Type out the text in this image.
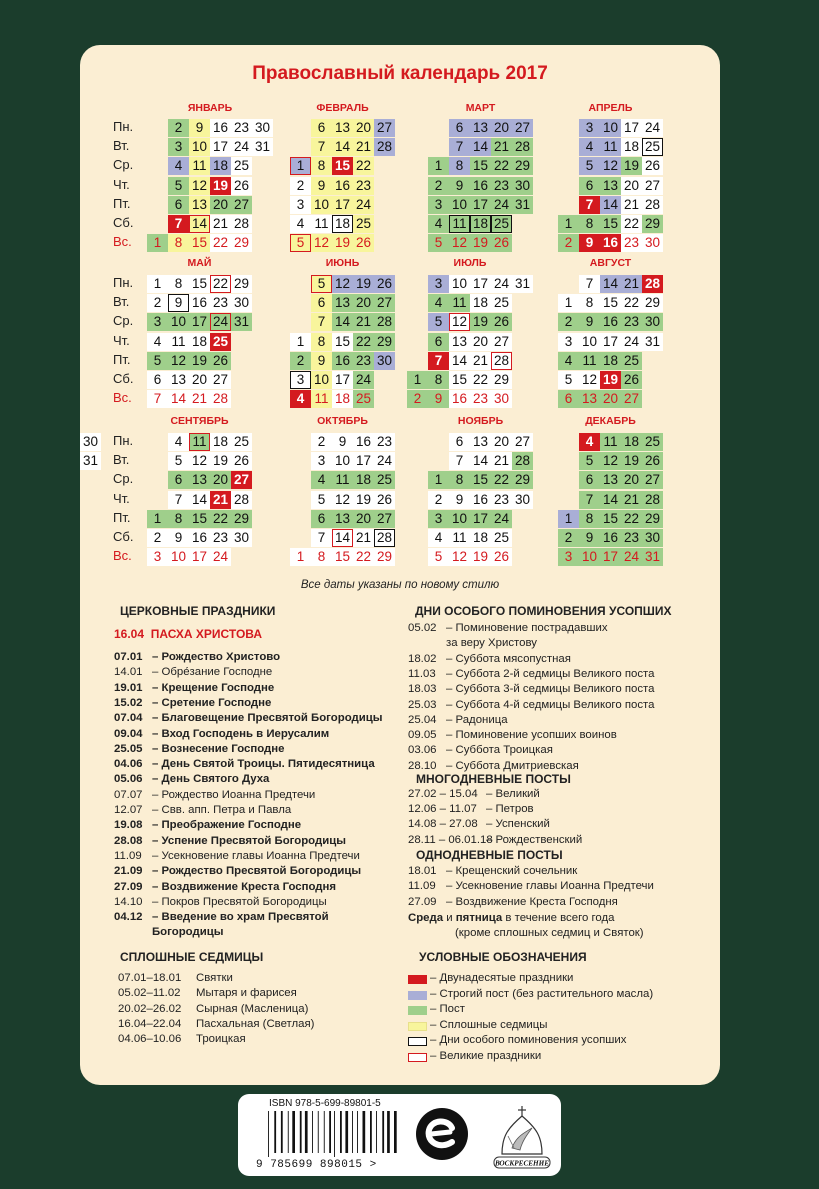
Православный календарь 2017
Пн.
Вт.
Ср.
Чт.
Пт.
Сб.
Вс.
Пн.
Вт.
Ср.
Чт.
Пт.
Сб.
Вс.
Пн.
Вт.
Ср.
Чт.
Пт.
Сб.
Вс.
ЯНВАРЬ
1
2
3
4
5
6
7
8
9
10
11
12
13
14
15
16
17
18
19
20
21
22
23
24
25
26
27
28
29
30
31
ФЕВРАЛЬ
1
2
3
4
5
6
7
8
9
10
11
12
13
14
15
16
17
18
19
20
21
22
23
24
25
26
27
28
МАРТ
1
2
3
4
5
6
7
8
9
10
11
12
13
14
15
16
17
18
19
20
21
22
23
24
25
26
27
28
29
30
31
АПРЕЛЬ
1
2
3
4
5
6
7
8
9
10
11
12
13
14
15
16
17
18
19
20
21
22
23
24
25
26
27
28
29
30
МАЙ
1
2
3
4
5
6
7
8
9
10
11
12
13
14
15
16
17
18
19
20
21
22
23
24
25
26
27
28
29
30
31
ИЮНЬ
1
2
3
4
5
6
7
8
9
10
11
12
13
14
15
16
17
18
19
20
21
22
23
24
25
26
27
28
29
30
ИЮЛЬ
1
2
3
4
5
6
7
8
9
10
11
12
13
14
15
16
17
18
19
20
21
22
23
24
25
26
27
28
29
30
31
АВГУСТ
1
2
3
4
5
6
7
8
9
10
11
12
13
14
15
16
17
18
19
20
21
22
23
24
25
26
27
28
29
30
31
СЕНТЯБРЬ
1
2
3
4
5
6
7
8
9
10
11
12
13
14
15
16
17
18
19
20
21
22
23
24
25
26
27
28
29
30
ОКТЯБРЬ
1
2
3
4
5
6
7
8
9
10
11
12
13
14
15
16
17
18
19
20
21
22
23
24
25
26
27
28
29
30
31
НОЯБРЬ
1
2
3
4
5
6
7
8
9
10
11
12
13
14
15
16
17
18
19
20
21
22
23
24
25
26
27
28
29
30
ДЕКАБРЬ
1
2
3
4
5
6
7
8
9
10
11
12
13
14
15
16
17
18
19
20
21
22
23
24
25
26
27
28
29
30
31
Все даты указаны по новому стилю
ЦЕРКОВНЫЕ ПРАЗДНИКИ
16.04 ПАСХА ХРИСТОВА
07.01 – Рождество Христово
14.01 – Обре́зание Господне
19.01 – Крещение Господне
15.02 – Сретение Господне
07.04 – Благовещение Пресвятой Богородицы
09.04 – Вход Господень в Иерусалим
25.05 – Вознесение Господне
04.06 – День Святой Троицы. Пятидесятница
05.06 – День Святого Духа
07.07 – Рождество Иоанна Предтечи
12.07 – Свв. апп. Петра и Павла
19.08 – Преображение Господне
28.08 – Успение Пресвятой Богородицы
11.09 – Усекновение главы Иоанна Предтечи
21.09 – Рождество Пресвятой Богородицы
27.09 – Воздвижение Креста Господня
14.10 – Покров Пресвятой Богородицы
04.12 – Введение во храм Пресвятой
Богородицы
СПЛОШНЫЕ СЕДМИЦЫ
07.01–18.01 Святки
05.02–11.02 Мытаря и фарисея
20.02–26.02 Сырная (Масленица)
16.04–22.04 Пасхальная (Светлая)
04.06–10.06 Троицкая
ДНИ ОСОБОГО ПОМИНОВЕНИЯ УСОПШИХ
05.02 – Поминовение пострадавших
за веру Христову
18.02 – Суббота мясопустная
11.03 – Суббота 2-й седмицы Великого поста
18.03 – Суббота 3-й седмицы Великого поста
25.03 – Суббота 4-й седмицы Великого поста
25.04 – Радоница
09.05 – Поминовение усопших воинов
03.06 – Суббота Троицкая
28.10 – Суббота Дмитриевская
МНОГОДНЕВНЫЕ ПОСТЫ
27.02 – 15.04 – Великий
12.06 – 11.07 – Петров
14.08 – 27.08 – Успенский
28.11 – 06.01.18– Рождественский
ОДНОДНЕВНЫЕ ПОСТЫ
18.01 – Крещенский сочельник
11.09 – Усекновение главы Иоанна Предтечи
27.09 – Воздвижение Креста Господня
Среда и пятница в течение всего года
(кроме сплошных седмиц и Святок)
УСЛОВНЫЕ ОБОЗНАЧЕНИЯ
– Двунадесятые праздники
– Строгий пост (без растительного масла)
– Пост
– Сплошные седмицы
– Дни особого поминовения усопших
– Великие праздники
ISBN 978-5-699-89801-5
9 785699 898015 >	ВОСКРЕСЕНИЕ
